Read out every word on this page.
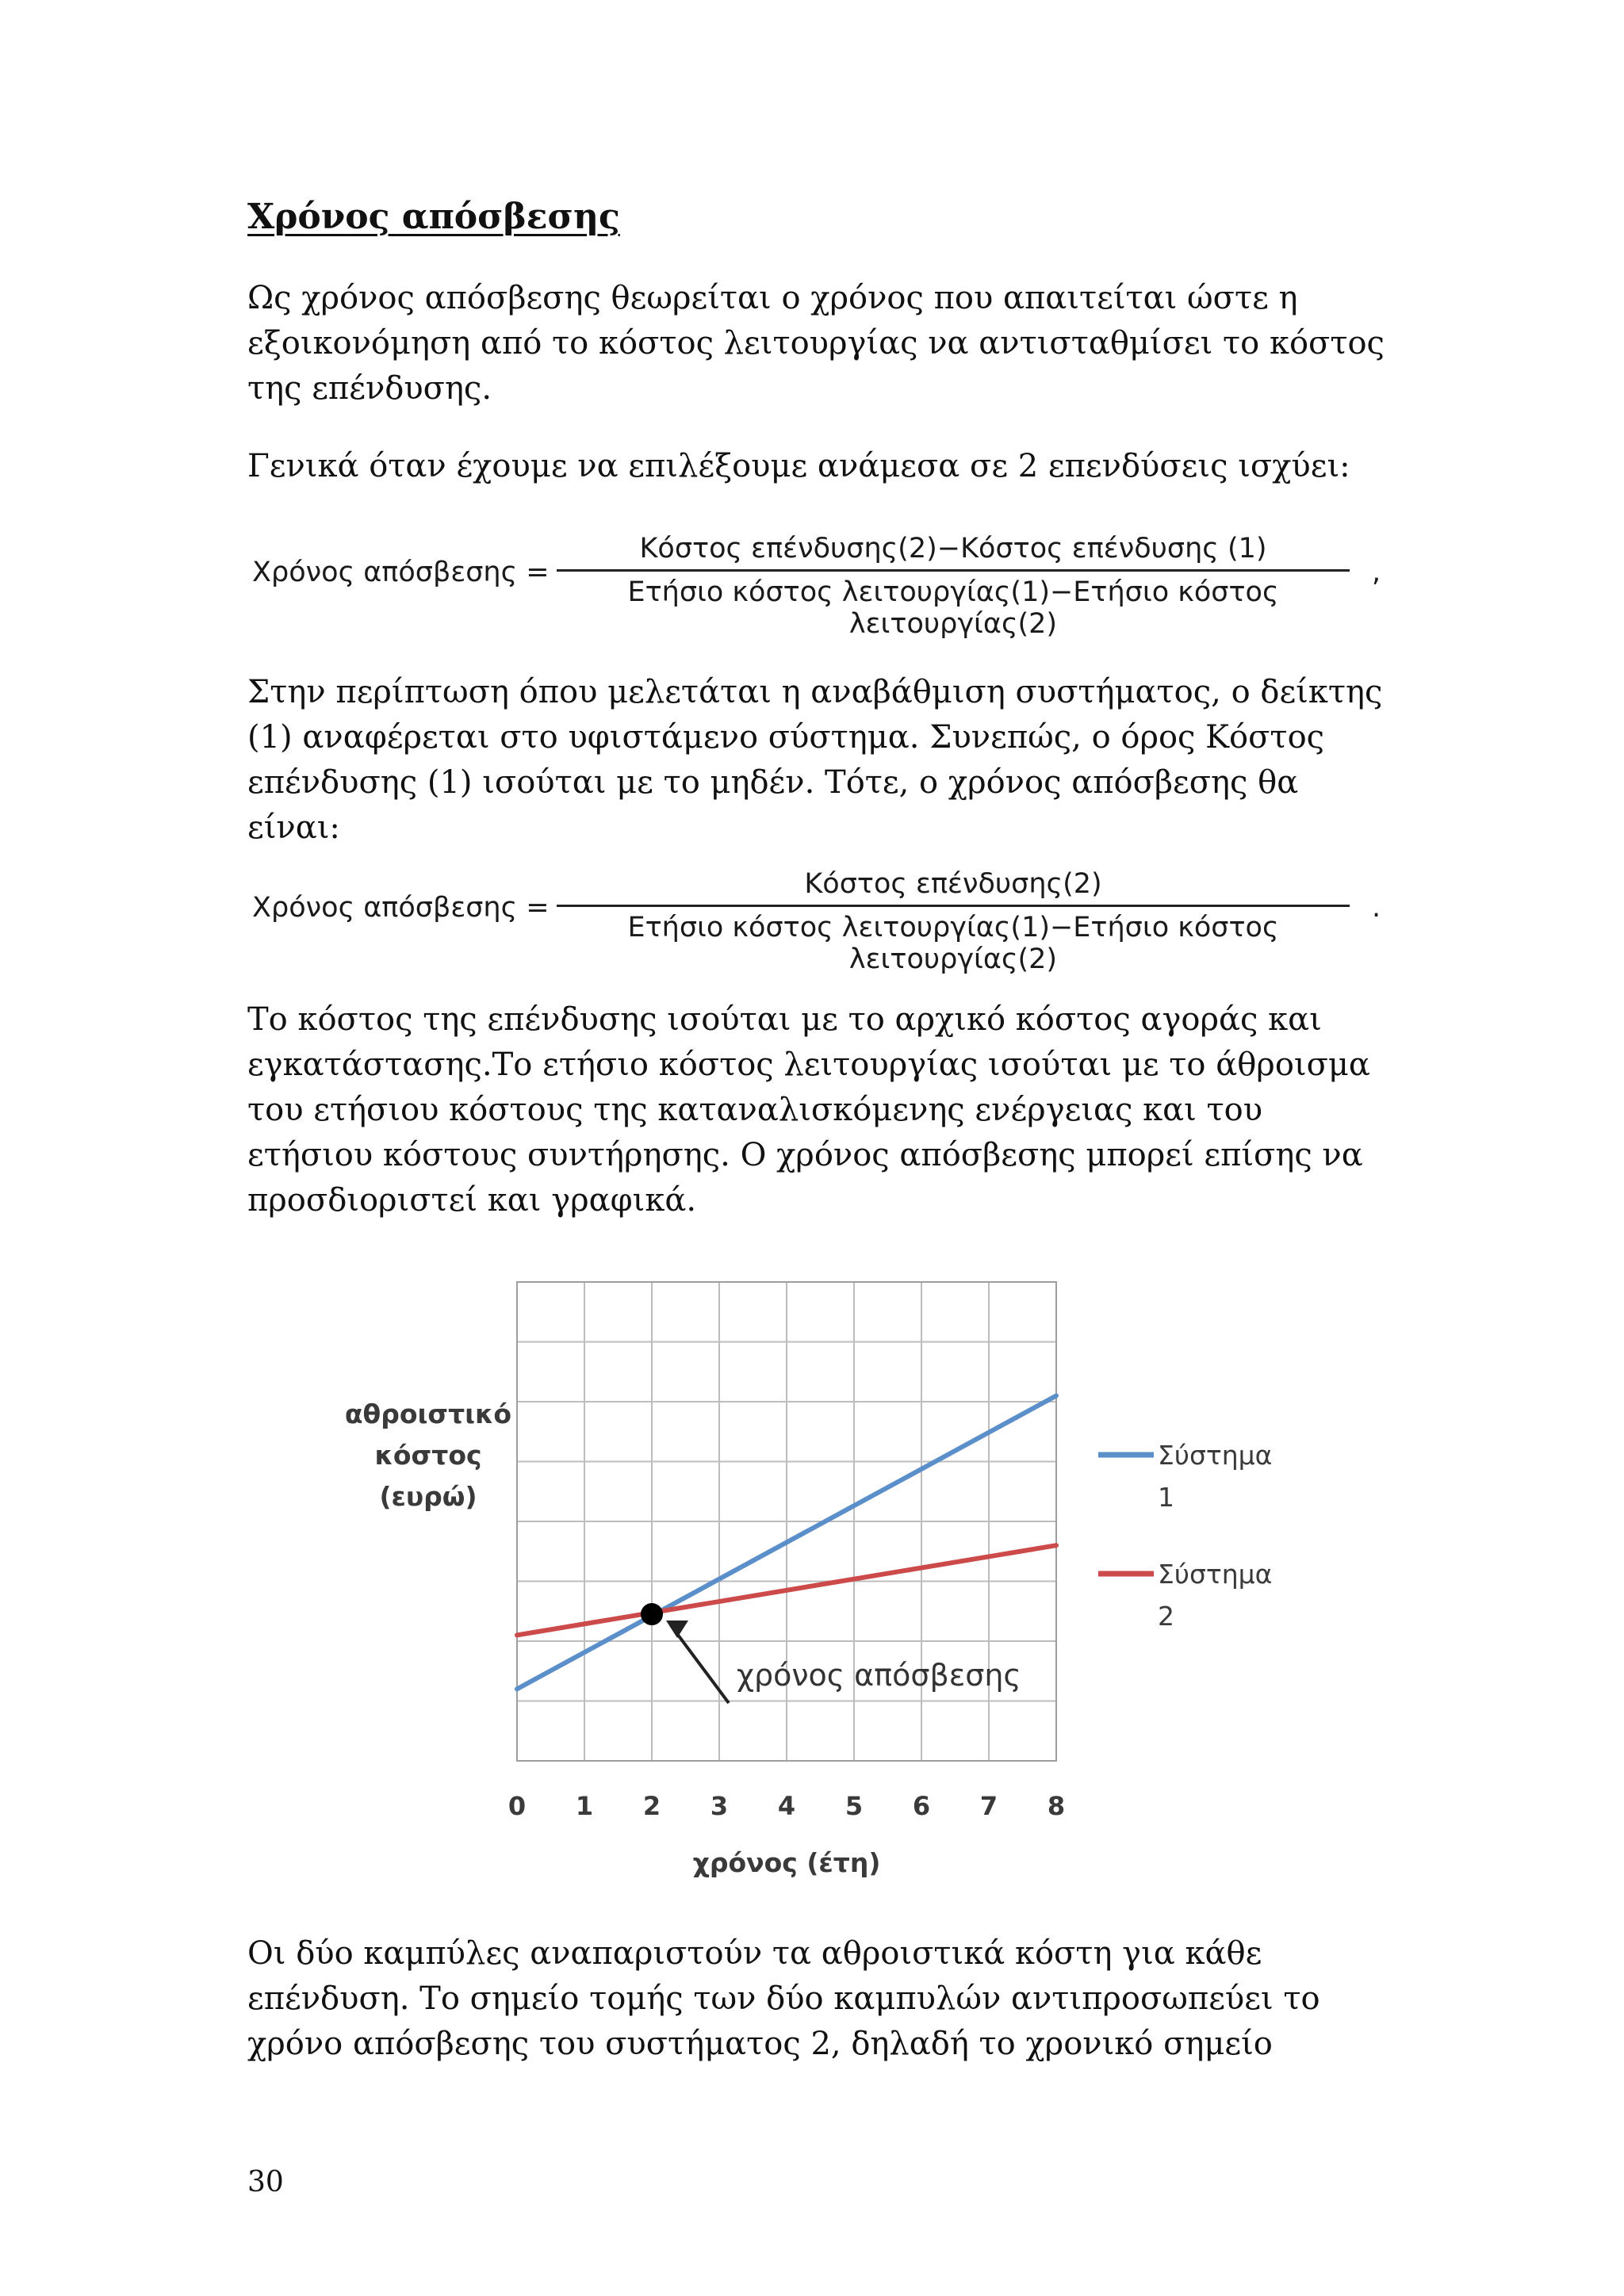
Χρόνος απόσβεσης

Ως χρόνος απόσβεσης θεωρείται ο χρόνος που απαιτείται ώστε η εξοικονόμηση από το κόστος λειτουργίας να αντισταθμίσει το κόστος της επένδυσης.

Γενικά όταν έχουμε να επιλέξουμε ανάμεσα σε 2 επενδύσεις ισχύει:

Χρόνος απόσβεσης =
Κόστος επένδυσης(2)−Κόστος επένδυσης (1)
Ετήσιο κόστος λειτουργίας(1)−Ετήσιο κόστος λειτουργίας(2)
,

Στην περίπτωση όπου μελετάται η αναβάθμιση συστήματος, ο δείκτης (1) αναφέρεται στο υφιστάμενο σύστημα. Συνεπώς, ο όρος Κόστος επένδυσης (1) ισούται με το μηδέν. Τότε, ο χρόνος απόσβεσης θα είναι:

Χρόνος απόσβεσης =
Κόστος επένδυσης(2)
Ετήσιο κόστος λειτουργίας(1)−Ετήσιο κόστος λειτουργίας(2)
.

Το κόστος της επένδυσης ισούται με το αρχικό κόστος αγοράς και εγκατάστασης.Το ετήσιο κόστος λειτουργίας ισούται με το άθροισμα του ετήσιου κόστους της καταναλισκόμενης ενέργειας και του ετήσιου κόστους συντήρησης. Ο χρόνος απόσβεσης μπορεί επίσης να προσδιοριστεί και γραφικά.

0 1 2 3 4 5 6 7 8
χρόνος (έτη)
αθροιστικό
κόστος
(ευρώ)
Σύστημα
1
Σύστημα
2
χρόνος απόσβεσης

Οι δύο καμπύλες αναπαριστούν τα αθροιστικά κόστη για κάθε επένδυση. Το σημείο τομής των δύο καμπυλών αντιπροσωπεύει το χρόνο απόσβεσης του συστήματος 2, δηλαδή το χρονικό σημείο

30
